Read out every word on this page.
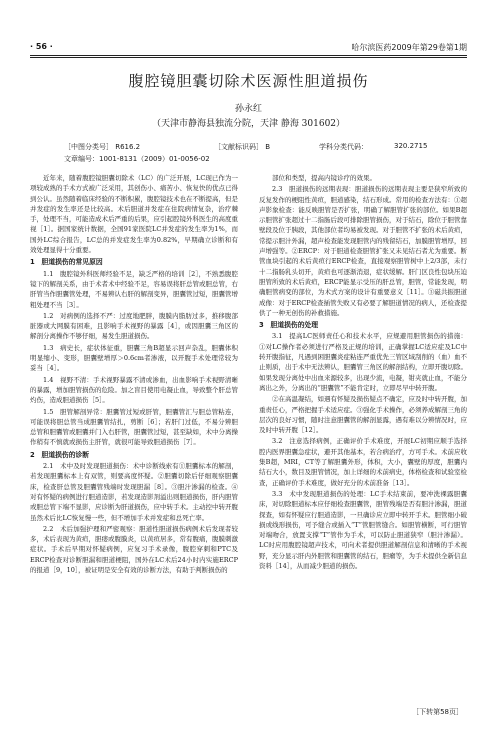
· 56 ·	哈尔滨医药2009年第29卷第1期
腹腔镜胆囊切除术医源性胆道损伤
孙永红
（天津市静海县独流分院，天津 静海 301602）
［中图分类号］ R616.2	［文献标识码］ B	学科分类代码：	320.2715
文章编号：1001-8131（2009）01-0056-02

近年来，随着腹腔镜胆囊切除术（LC）的广泛开展，LC现已作为一项较成熟的手术方式被广泛采用，其创伤小、痛苦小、恢复快的优点已得到公认。虽然随着临床经验的不断积累，腹腔镜技术也在不断提高，但是并发症的发生率还是比较高。术后胆道并发症在住院病情复杂，治疗棘手，处理不当，可能造成术后严重的后果，应引起腔镜外科医生的高度重视［1］。据国家统计数据，全国91家医院LC并发症的发生率为1%，而国外LC综合报告，LC总的并发症发生率为0.82%，早期确立诊断和有效处理显得十分重要。

1　胆道损伤的常见原因

1.1　腹腔镜外科医师经验不足，缺乏严格的培训［2］，不熟悉腹腔镜下的解剖关系，由于术者术中经验不足，容易误将肝总管或胆总管，右肝管当作胆囊管处理，不易辨认右肝的解剖变异，胆囊管过短，胆囊管增粗处理不当［3］。

1.2　对病例的选择不严：过度地肥胖，腹膜内脂肪过多，推移腹部脏器或大网膜有困难，且影响手术视野的暴露［4］，或因胆囊三角区的解剖分离操作不够仔细，易发生胆道损伤。

1.3　病史长，症状体征重，胆囊三角B超显示回声杂乱，胆囊体积明显缩小、变形，胆囊壁增厚＞0.6cm者渗液，以开腹手术处理常较为妥当［4］。

1.4　视野不清：手术视野暴露不清或渗血，出血影响手术视野清晰的暴露，增加胆管损伤的危险。加之盲目使用电凝止血，导致整个肝总管灼伤，造成胆道损伤［5］。

1.5　胆管解剖异常：胆囊管过短或肝管，胆囊管汇与胆总管粘连，可能误将胆总管当成胆囊管结扎，剪断［6］；若肝门过低，不易分辨胆总管和胆囊管或胆囊并门入右肝管，胆囊管过短，甚至缺如，术中分离操作稍有不慎就或损伤主肝管，就很可能导致胆道损伤［7］。

2　胆道损伤的诊断

2.1　术中及时发现胆道损伤：术中诊断线索有①胆囊标本的解剖，若发现胆囊标本上有双管，则要高度怀疑。②胆囊切除后仔细观察胆囊床，检查肝总管及胆囊管残端时发现胆漏［8］。③胆汁渗漏的检查。④对有怀疑的病例进行胆道造影，若发现造影剂溢出则胆道损伤，肝内胆管或胆总管下端不显影，应诊断为肝道损伤，应中转手术。主动控中转开腹虽然术后比LC恢复慢一些，但不增加手术并发症和总死亡率。

2.2　术后加强护理和严密观察：胆道性胆道损伤病例术后发现者较多，术后表现为黄疸，胆瘘或腹膜炎，以黄疸居多，常有腹痛，腹膜刺激症状。手术后早期对怀疑病例，应复习手术录像，腹腔穿刺和PTC及ERCP检查对诊断胆漏和胆道梗阻，国外在LC术后24小时内实施ERCP的报道［9，10］，被证明是安全有效的诊断方法，有助于判断损伤的

部位和类型，提高内镜诊疗的效果。

2.3　胆道损伤的远期表现：胆道损伤的远期表现主要是狭窄所致的反复发作的梗阻性黄疸，胆道感染，结石形成。常用的检查方法有：①超声影象检查：能反映胆管是否扩张，明确了解胆管扩张的部位。如果B超示胆管扩张超过十二指肠后段可排除胆管损伤，对于结石，除位于胆管靠壁段及位于胰段，其他部位者均易被发现。对于胆管不扩张的术后黄疸，常提示胆汁外漏，超声检查能发现胆管内的残留结石，加膜胆管增厚，回声增强等。②ERCP：对于胆道检查胆管扩张又未见结石者尤为重要。断管血块引起的术后黄疸行ERCP检查，直接观察胆管树中上2/3部，未行十二指肠乳头切开，黄疸也可逐渐消退，症状缓解。肝门区良性包块压迫胆管所致的术后黄疸，ERCP能显示受压的肝总管，胆管，常能发现，明确胆管病变的部位，为术式方案的设计有重要意义［11］。③磁共振胆道成像：对于ERCP检查插管失败又有必要了解胆道情况的病人，还检查提供了一种无创伤的补救措施。

3　胆道损伤的处理

3.1　提高LC医师责任心和技术水平，应规避用胆管损伤的措施：①对LC操作者必须进行严格及正规的培训，正确掌握LC适应症及LC中转开腹指征，凡遇到困胆囊炎症粘连严重优先三管区域刮削的（血）血不止则质，出于术中无法辨认，胆囊管三角区的解剖结构，立即开腹切除。如果发现分离处中出血来源较多，出现少流，电凝，钳夹就止血，不能分离出之外，分离出的“胆囊管”不能肯定时，立即尽早中转开腹。

②在高温凝结，如遇有怀疑及损伤疑点不确定，应及时中转开腹，加重责任心，严格把握手术适应症。③强化手术操作，必须养成解剖三角的层次的良好习惯，随时注意胆囊管的解剖显露，遇有难以分辨情况时，应及时中转开腹［12］。

3.2　注意选择病例，正确评价手术难度，开展LC初期应顺手选择腔内医界胆囊急症状，避开其他基本，若合病治疗，方可手术。术前应收集B超，MRI，CT等了解胆囊外形，体积，大小，囊壁的厚度，胆囊内结石大小，数目及胆管情况，加上详细的术前病史，体格检查和试验室检查，正确评价手术难度，做好充分的术前准备［13］。

3.3　术中发现胆道损伤的处理：LC手术结束前，要冲洗裸露胆囊床，对切除胆道标本应仔细检查胆囊管，胆管残端是否有胆汁渗漏，胆道探查，如有怀疑应行胆道造影，一旦确诊应立即中转开手术。胆管细小破损或线形损伤，可予缝合或插入“T”管胆管缝合。如胆管横断，可行胆管对端吻合，放置支撑“T”管作为手术，可以防止胆道狭窄（胆汁渗漏）。LC时应用腹腔镜超声技术，可向术者提供胆道解剖信息和清晰的手术视野，充分显示肝内外胆管和胆囊管的结石，胆瘤等，为手术提供全新信息资料［14］，从而减少胆道的损伤。

［下转第58页］
